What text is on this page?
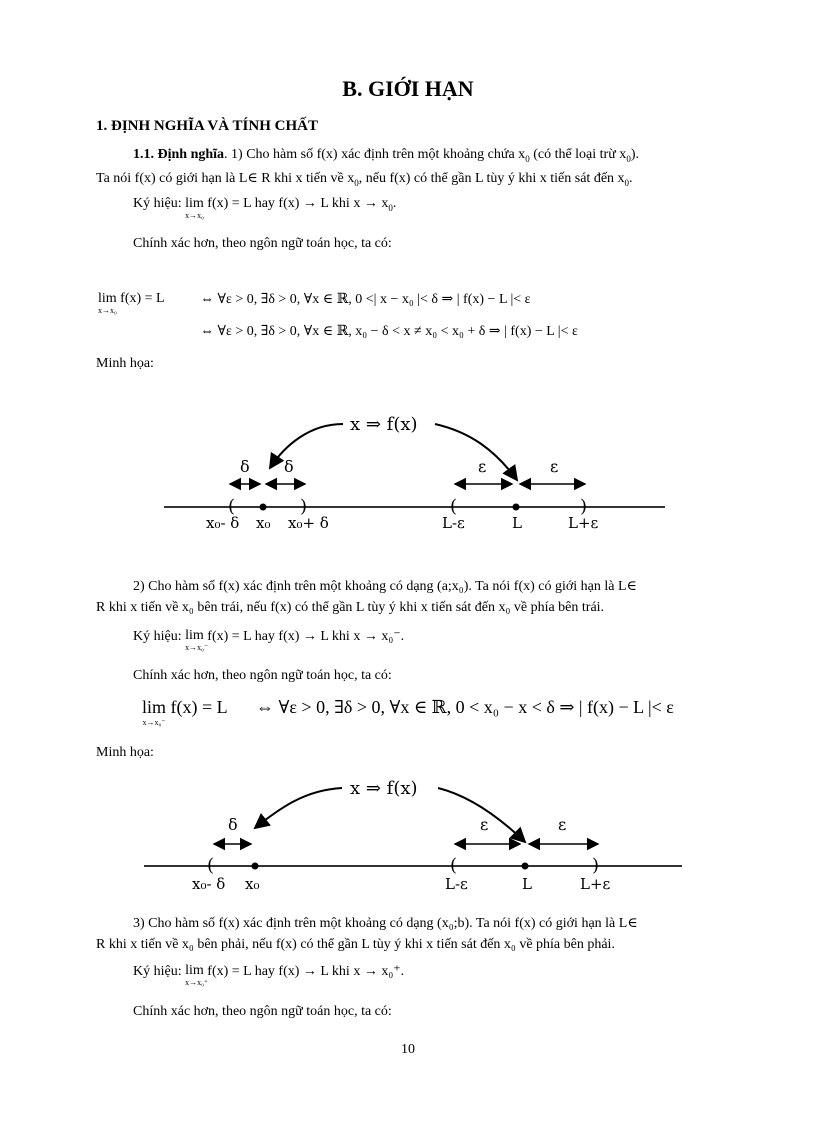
B. GIỚI HẠN
1. ĐỊNH NGHĨA VÀ TÍNH CHẤT
1.1. Định nghĩa. 1) Cho hàm số f(x) xác định trên một khoảng chứa $x_0$ (có thể loại trừ $x_0$).
Ta nói f(x) có giới hạn là L∈ R khi x tiến về $x_0$, nếu f(x) có thể gần L tùy ý khi x tiến sát đến $x_0$.
Ký hiệu: lim
x→x₀
f(x) = L hay f(x) → L khi $x \to x_0$.
Chính xác hơn, theo ngôn ngữ toán học, ta có:
lim
x→x₀
f(x) = L	⇔ ∀ε > 0, ∃δ > 0, ∀x ∈ ℝ, 0 <| x − x₀ |< δ ⇒ | f(x) − L |< ε
⇔ ∀ε > 0, ∃δ > 0, ∀x ∈ ℝ, x₀ − δ < x ≠ x₀ < x₀ + δ ⇒ | f(x) − L |< ε
Minh họa:
x ⇒ f(x)
δ δ
(	)
x₀- δ x₀ x₀+ δ
ε	ε
(	)
L-ε	L	L+ε
2) Cho hàm số f(x) xác định trên một khoảng có dạng (a;x₀). Ta nói f(x) có giới hạn là L∈
R khi x tiến về x₀ bên trái, nếu f(x) có thể gần L tùy ý khi x tiến sát đến x₀ về phía bên trái.
Ký hiệu: lim
x→x₀⁻
f(x) = L hay f(x) → L khi x → x₀⁻.
Chính xác hơn, theo ngôn ngữ toán học, ta có:
lim
x→x₀⁻
f(x) = L ⇔ ∀ε > 0, ∃δ > 0, ∀x ∈ ℝ, 0 < x₀ − x < δ ⇒ | f(x) − L |< ε
Minh họa:
x ⇒ f(x)
δ
(
x₀- δ x₀
ε	ε
(	)
L-ε	L	L+ε
3) Cho hàm số f(x) xác định trên một khoảng có dạng (x₀;b). Ta nói f(x) có giới hạn là L∈
R khi x tiến về x₀ bên phải, nếu f(x) có thể gần L tùy ý khi x tiến sát đến x₀ về phía bên phải.
Ký hiệu: lim
x→x₀⁺
f(x) = L hay f(x) → L khi x → x₀⁺.
Chính xác hơn, theo ngôn ngữ toán học, ta có:
10
